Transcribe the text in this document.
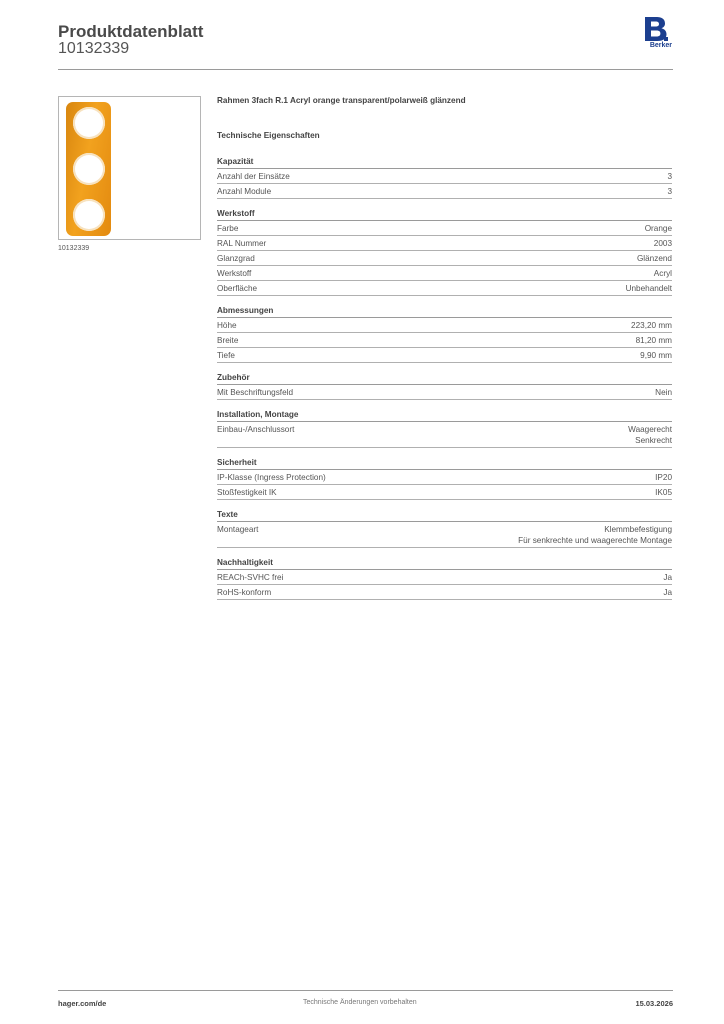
Produktdatenblatt
10132339	Berker
10132339
Rahmen 3fach R.1 Acryl orange transparent/polarweiß glänzend
Technische Eigenschaften
Kapazität
Anzahl der Einsätze	3
Anzahl Module	3
Werkstoff
Farbe	Orange
RAL Nummer	2003
Glanzgrad	Glänzend
Werkstoff	Acryl
Oberfläche	Unbehandelt
Abmessungen
Höhe	223,20 mm
Breite	81,20 mm
Tiefe	9,90 mm
Zubehör
Mit Beschriftungsfeld	Nein
Installation, Montage
Einbau-/Anschlussort	Waagerecht
Senkrecht
Sicherheit
IP-Klasse (Ingress Protection)	IP20
Stoßfestigkeit IK	IK05
Texte
Montageart	Klemmbefestigung
Für senkrechte und waagerechte Montage
Nachhaltigkeit
REACh-SVHC frei	Ja
RoHS-konform	Ja
hager.com/de	Technische Änderungen vorbehalten	15.03.2026
